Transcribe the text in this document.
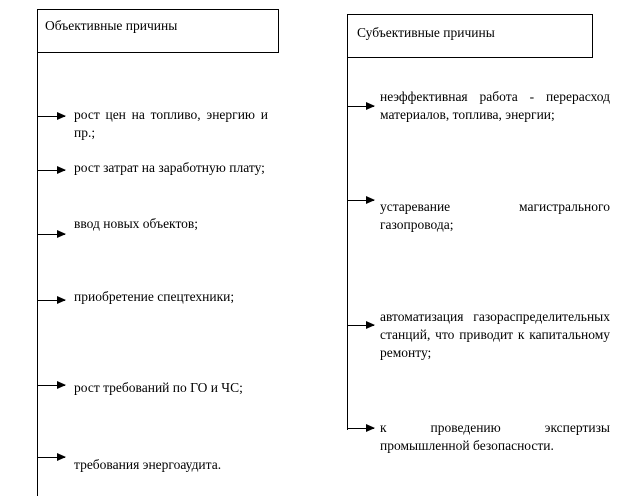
Объективные причины
рост цен на топливо, энергию и пр.;
рост затрат на заработную плату;
ввод новых объектов;
приобретение спецтехники;
рост требований по ГО и ЧС;
требования энергоаудита.
Субъективные причины
неэффективная работа - перерасход материалов, топлива, энергии;
устаревание магистрального газопровода;
автоматизация газораспределительных станций, что приводит к капитальному ремонту;
к проведению экспертизы промышленной безопасности.
